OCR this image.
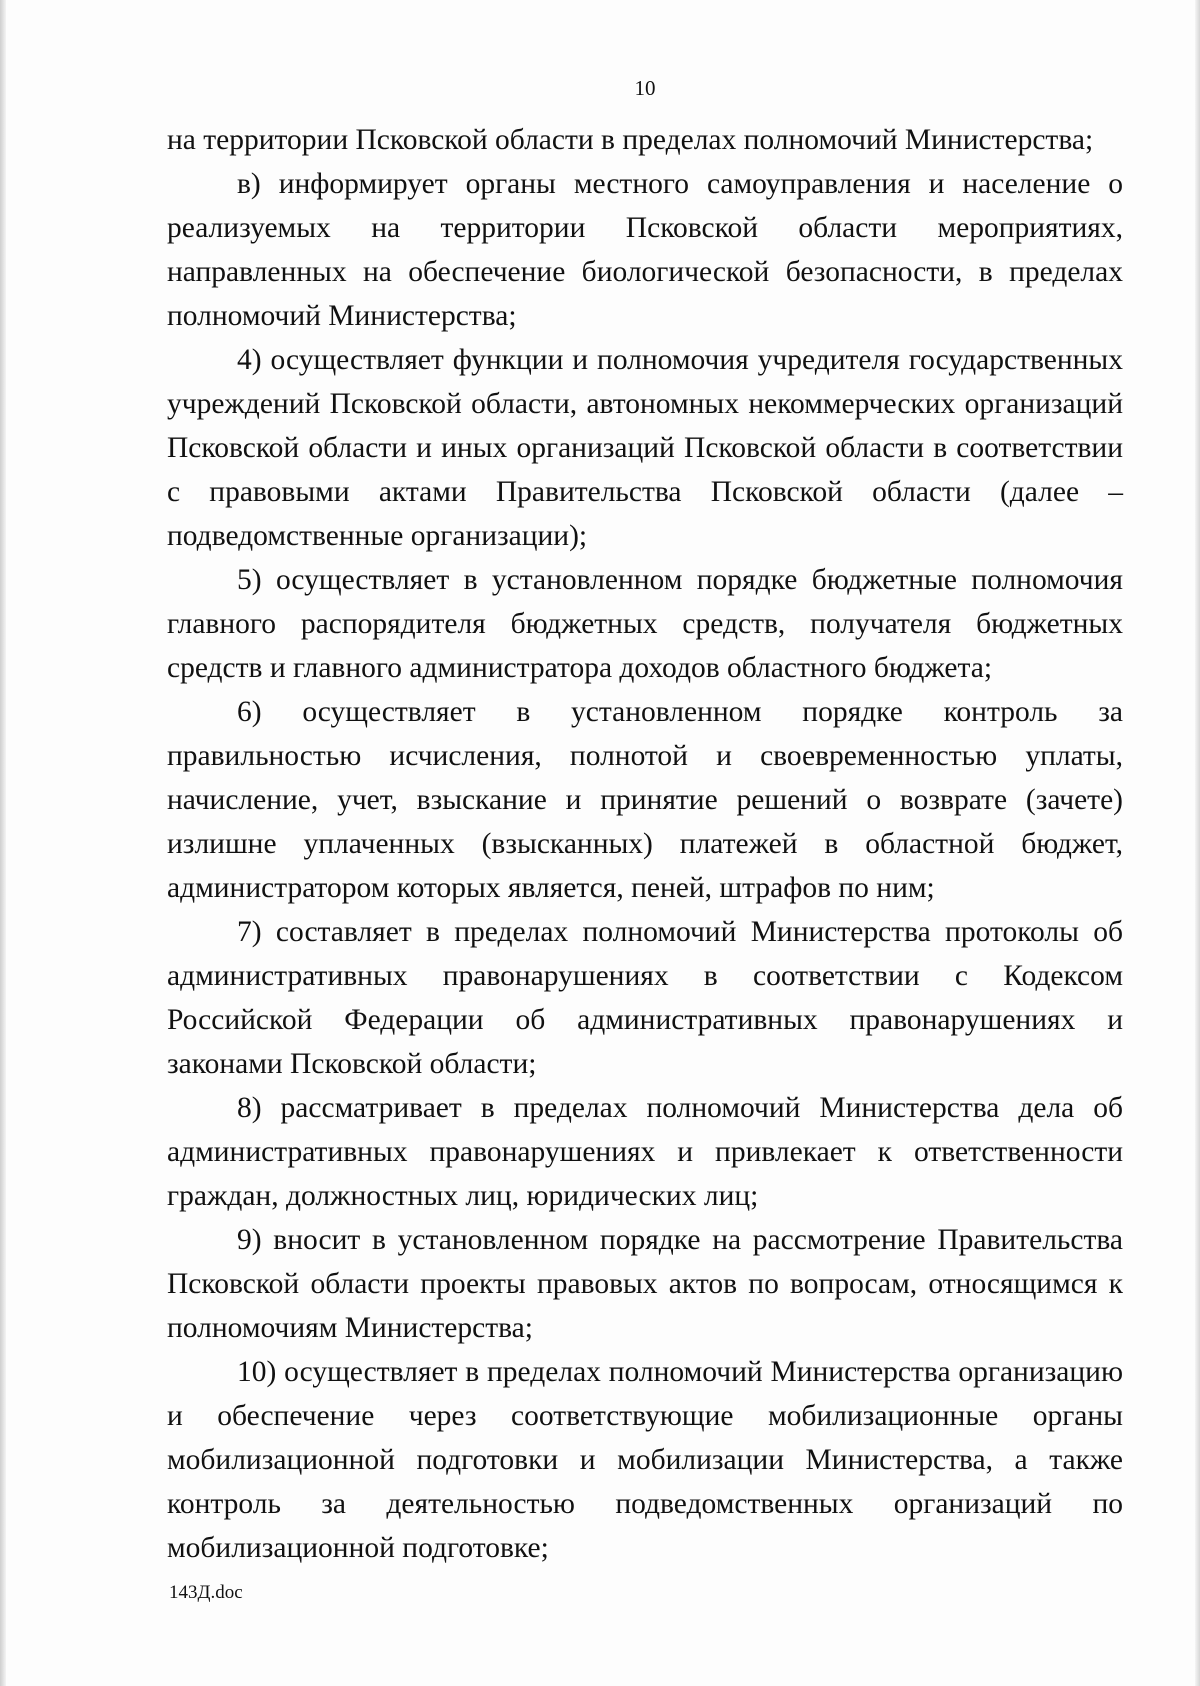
10

на территории Псковской области в пределах полномочий Министерства;

в) информирует органы местного самоуправления и население о реализуемых на территории Псковской области мероприятиях, направленных на обеспечение биологической безопасности, в пределах полномочий Министерства;

4) осуществляет функции и полномочия учредителя государственных учреждений Псковской области, автономных некоммерческих организаций Псковской области и иных организаций Псковской области в соответствии с правовыми актами Правительства Псковской области (далее – подведомственные организации);

5) осуществляет в установленном порядке бюджетные полномочия главного распорядителя бюджетных средств, получателя бюджетных средств и главного администратора доходов областного бюджета;

6) осуществляет в установленном порядке контроль за правильностью исчисления, полнотой и своевременностью уплаты, начисление, учет, взыскание и принятие решений о возврате (зачете) излишне уплаченных (взысканных) платежей в областной бюджет, администратором которых является, пеней, штрафов по ним;

7) составляет в пределах полномочий Министерства протоколы об административных правонарушениях в соответствии с Кодексом Российской Федерации об административных правонарушениях и законами Псковской области;

8) рассматривает в пределах полномочий Министерства дела об административных правонарушениях и привлекает к ответственности граждан, должностных лиц, юридических лиц;

9) вносит в установленном порядке на рассмотрение Правительства Псковской области проекты правовых актов по вопросам, относящимся к полномочиям Министерства;

10) осуществляет в пределах полномочий Министерства организацию и обеспечение через соответствующие мобилизационные органы мобилизационной подготовки и мобилизации Министерства, а также контроль за деятельностью подведомственных организаций по мобилизационной подготовке;

143Д.doc
